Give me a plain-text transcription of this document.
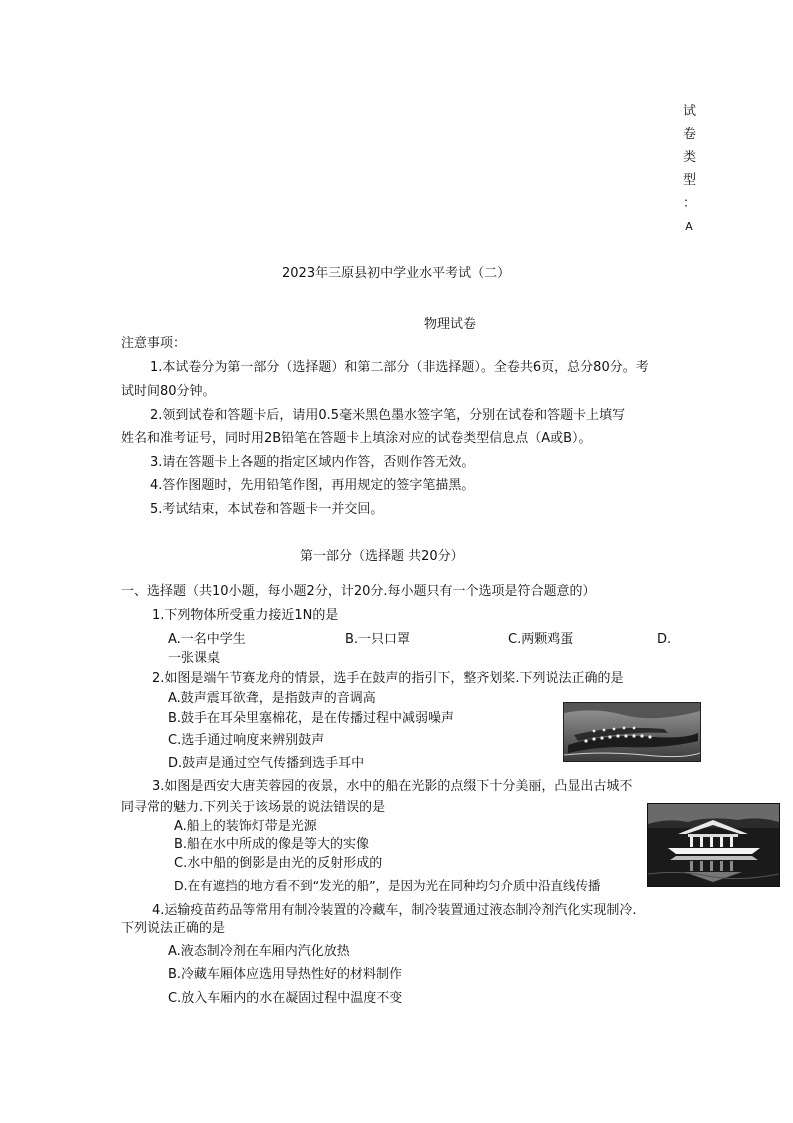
试
卷
类
型
：
A
2023年三原县初中学业水平考试（二）
物理试卷
注意事项：
1.本试卷分为第一部分（选择题）和第二部分（非选择题）。全卷共6页，总分80分。考
试时间80分钟。
2.领到试卷和答题卡后，请用0.5毫米黑色墨水签字笔，分别在试卷和答题卡上填写
姓名和准考证号，同时用2B铅笔在答题卡上填涂对应的试卷类型信息点（A或B）。
3.请在答题卡上各题的指定区域内作答，否则作答无效。
4.答作图题时，先用铅笔作图，再用规定的签字笔描黑。
5.考试结束，本试卷和答题卡一并交回。
第一部分（选择题 共20分）
一、选择题（共10小题，每小题2分，计20分.每小题只有一个选项是符合题意的）
1.下列物体所受重力接近1N的是
A.一名中学生	B.一只口罩	C.两颗鸡蛋	D.
一张课桌
2.如图是端午节赛龙舟的情景，选手在鼓声的指引下，整齐划桨.下列说法正确的是
A.鼓声震耳欲聋，是指鼓声的音调高
B.鼓手在耳朵里塞棉花，是在传播过程中减弱噪声
C.选手通过响度来辨别鼓声
D.鼓声是通过空气传播到选手耳中
3.如图是西安大唐芙蓉园的夜景，水中的船在光影的点缀下十分美丽，凸显出古城不
同寻常的魅力.下列关于该场景的说法错误的是
A.船上的装饰灯带是光源
B.船在水中所成的像是等大的实像
C.水中船的倒影是由光的反射形成的
D.在有遮挡的地方看不到“发光的船”，是因为光在同种均匀介质中沿直线传播
4.运输疫苗药品等常用有制冷装置的冷藏车，制冷装置通过液态制冷剂汽化实现制冷.
下列说法正确的是
A.液态制冷剂在车厢内汽化放热
B.冷藏车厢体应选用导热性好的材料制作
C.放入车厢内的水在凝固过程中温度不变
